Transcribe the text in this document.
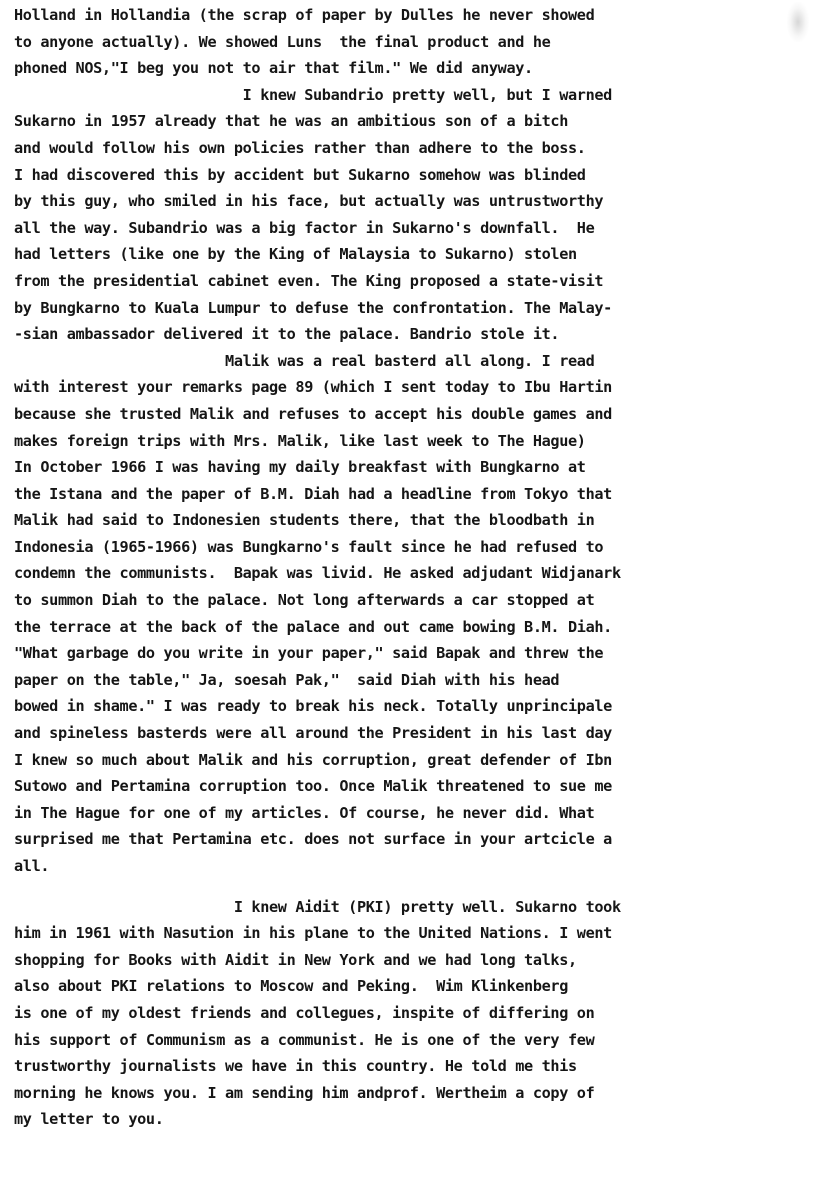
Holland in Hollandia (the scrap of paper by Dulles he never showed
to anyone actually). We showed Luns  the final product and he
phoned NOS,"I beg you not to air that film." We did anyway.
I knew Subandrio pretty well, but I warned
Sukarno in 1957 already that he was an ambitious son of a bitch
and would follow his own policies rather than adhere to the boss.
I had discovered this by accident but Sukarno somehow was blinded
by this guy, who smiled in his face, but actually was untrustworthy
all the way. Subandrio was a big factor in Sukarno's downfall.  He
had letters (like one by the King of Malaysia to Sukarno) stolen
from the presidential cabinet even. The King proposed a state-visit
by Bungkarno to Kuala Lumpur to defuse the confrontation. The Malay-
-sian ambassador delivered it to the palace. Bandrio stole it.
Malik was a real basterd all along. I read
with interest your remarks page 89 (which I sent today to Ibu Hartin
because she trusted Malik and refuses to accept his double games and
makes foreign trips with Mrs. Malik, like last week to The Hague)
In October 1966 I was having my daily breakfast with Bungkarno at
the Istana and the paper of B.M. Diah had a headline from Tokyo that
Malik had said to Indonesien students there, that the bloodbath in
Indonesia (1965-1966) was Bungkarno's fault since he had refused to
condemn the communists.  Bapak was livid. He asked adjudant Widjanark
to summon Diah to the palace. Not long afterwards a car stopped at
the terrace at the back of the palace and out came bowing B.M. Diah.
"What garbage do you write in your paper," said Bapak and threw the
paper on the table," Ja, soesah Pak,"  said Diah with his head
bowed in shame." I was ready to break his neck. Totally unprincipale
and spineless basterds were all around the President in his last day
I knew so much about Malik and his corruption, great defender of Ibn
Sutowo and Pertamina corruption too. Once Malik threatened to sue me
in The Hague for one of my articles. Of course, he never did. What
surprised me that Pertamina etc. does not surface in your artcicle a
all.
I knew Aidit (PKI) pretty well. Sukarno took
him in 1961 with Nasution in his plane to the United Nations. I went
shopping for Books with Aidit in New York and we had long talks,
also about PKI relations to Moscow and Peking.  Wim Klinkenberg
is one of my oldest friends and collegues, inspite of differing on
his support of Communism as a communist. He is one of the very few
trustworthy journalists we have in this country. He told me this
morning he knows you. I am sending him andprof. Wertheim a copy of
my letter to you.
